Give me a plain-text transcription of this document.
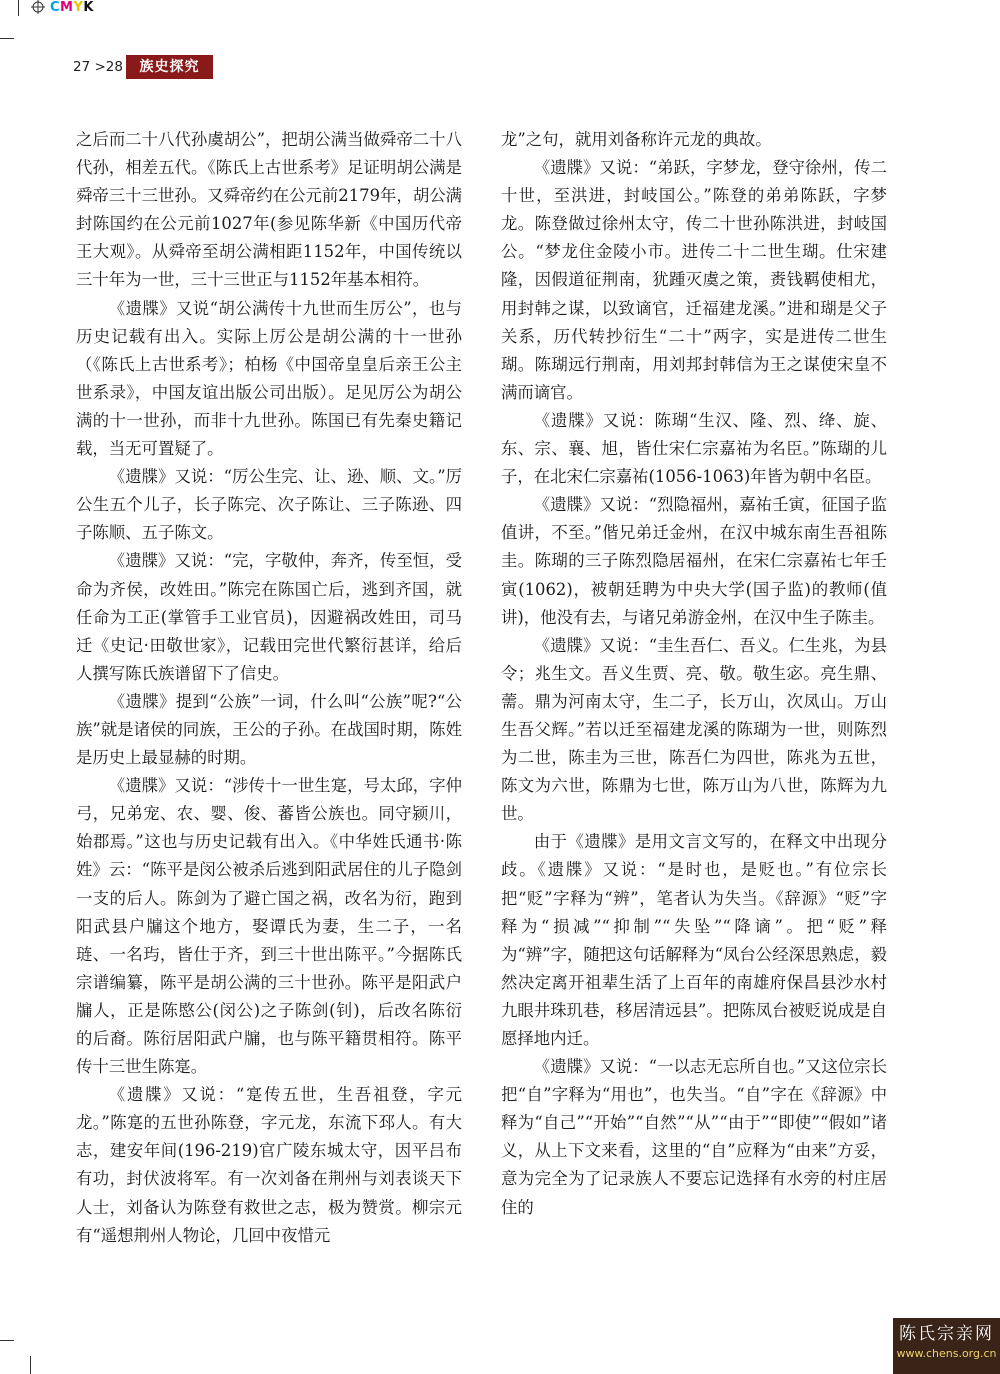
CMYK
27 >28	族史探究

之后而二十八代孙虞胡公”，把胡公满当做舜帝二十八代孙，相差五代。《陈氏上古世系考》足证明胡公满是舜帝三十三世孙。又舜帝约在公元前2179年，胡公满封陈国约在公元前1027年(参见陈华新《中国历代帝王大观》。从舜帝至胡公满相距1152年，中国传统以三十年为一世，三十三世正与1152年基本相符。

《遗牒》又说“胡公满传十九世而生厉公”，也与历史记载有出入。实际上厉公是胡公满的十一世孙（《陈氏上古世系考》；柏杨《中国帝皇皇后亲王公主世系录》，中国友谊出版公司出版）。足见厉公为胡公满的十一世孙，而非十九世孙。陈国已有先秦史籍记载，当无可置疑了。

《遗牒》又说：“厉公生完、让、逊、顺、文。”厉公生五个儿子，长子陈完、次子陈让、三子陈逊、四子陈顺、五子陈文。

《遗牒》又说：“完，字敬仲，奔齐，传至恒，受命为齐侯，改姓田。”陈完在陈国亡后，逃到齐国，就任命为工正(掌管手工业官员)，因避祸改姓田，司马迁《史记·田敬世家》，记载田完世代繁衍甚详，给后人撰写陈氏族谱留下了信史。

《遗牒》提到“公族”一词，什么叫“公族”呢?“公族”就是诸侯的同族，王公的子孙。在战国时期，陈姓是历史上最显赫的时期。

《遗牒》又说：“涉传十一世生寔，号太邱，字仲弓，兄弟宠、农、婴、俊、蕃皆公族也。同守颍川，始郡焉。”这也与历史记载有出入。《中华姓氏通书·陈姓》云：“陈平是闵公被杀后逃到阳武居住的儿子隐剑一支的后人。陈剑为了避亡国之祸，改名为衍，跑到阳武县户牖这个地方，娶谭氏为妻，生二子，一名琏、一名玙，皆仕于齐，到三十世出陈平。”今据陈氏宗谱编纂，陈平是胡公满的三十世孙。陈平是阳武户牖人，正是陈愍公(闵公)之子陈剑(钊)，后改名陈衍的后裔。陈衍居阳武户牖，也与陈平籍贯相符。陈平传十三世生陈寔。

《遗牒》又说：“寔传五世，生吾祖登，字元龙。”陈寔的五世孙陈登，字元龙，东流下邳人。有大志，建安年间(196-219)官广陵东城太守，因平吕布有功，封伏波将军。有一次刘备在荆州与刘表谈天下人士，刘备认为陈登有救世之志，极为赞赏。柳宗元有“遥想荆州人物论，几回中夜惜元

龙”之句，就用刘备称许元龙的典故。

《遗牒》又说：“弟跃，字梦龙，登守徐州，传二十世，至洪进，封岐国公。”陈登的弟弟陈跃，字梦龙。陈登做过徐州太守，传二十世孙陈洪进，封岐国公。“梦龙住金陵小市。进传二十二世生瑚。仕宋建隆，因假道征荆南，犹踵灭虞之策，赉钱羁使相尤，用封韩之谋，以致谪官，迁福建龙溪。”进和瑚是父子关系，历代转抄衍生“二十”两字，实是进传二世生瑚。陈瑚远行荆南，用刘邦封韩信为王之谋使宋皇不满而谪官。

《遗牒》又说：陈瑚“生汉、隆、烈、绛、旋、东、宗、襄、旭，皆仕宋仁宗嘉祐为名臣。”陈瑚的儿子，在北宋仁宗嘉祐(1056-1063)年皆为朝中名臣。

《遗牒》又说：“烈隐福州，嘉祐壬寅，征国子监值讲，不至。”偕兄弟迁金州，在汉中城东南生吾祖陈圭。陈瑚的三子陈烈隐居福州，在宋仁宗嘉祐七年壬寅(1062)，被朝廷聘为中央大学(国子监)的教师(值讲)，他没有去，与诸兄弟游金州，在汉中生子陈圭。

《遗牒》又说：“圭生吾仁、吾义。仁生兆，为县令；兆生文。吾义生贾、亮、敬。敬生宓。亮生鼎、薷。鼎为河南太守，生二子，长万山，次凤山。万山生吾父辉。”若以迁至福建龙溪的陈瑚为一世，则陈烈为二世，陈圭为三世，陈吾仁为四世，陈兆为五世，陈文为六世，陈鼎为七世，陈万山为八世，陈辉为九世。

由于《遗牒》是用文言文写的，在释文中出现分歧。《遗牒》又说：“是时也，是贬也。”有位宗长把“贬”字释为“辨”，笔者认为失当。《辞源》“贬”字释为“损减”“抑制”“失坠”“降谪”。把“贬”释为“辨”字，随把这句话解释为“凤台公经深思熟虑，毅然决定离开祖辈生活了上百年的南雄府保昌县沙水村九眼井珠玑巷，移居清远县”。把陈凤台被贬说成是自愿择地内迁。

《遗牒》又说：“一以志无忘所自也。”又这位宗长把“自”字释为“用也”，也失当。“自”字在《辞源》中释为“自己”“开始”“自然”“从”“由于”“即使”“假如”诸义，从上下文来看，这里的“自”应释为“由来”方妥，意为完全为了记录族人不要忘记选择有水旁的村庄居住的

陈氏宗亲网
www.chens.org.cn
